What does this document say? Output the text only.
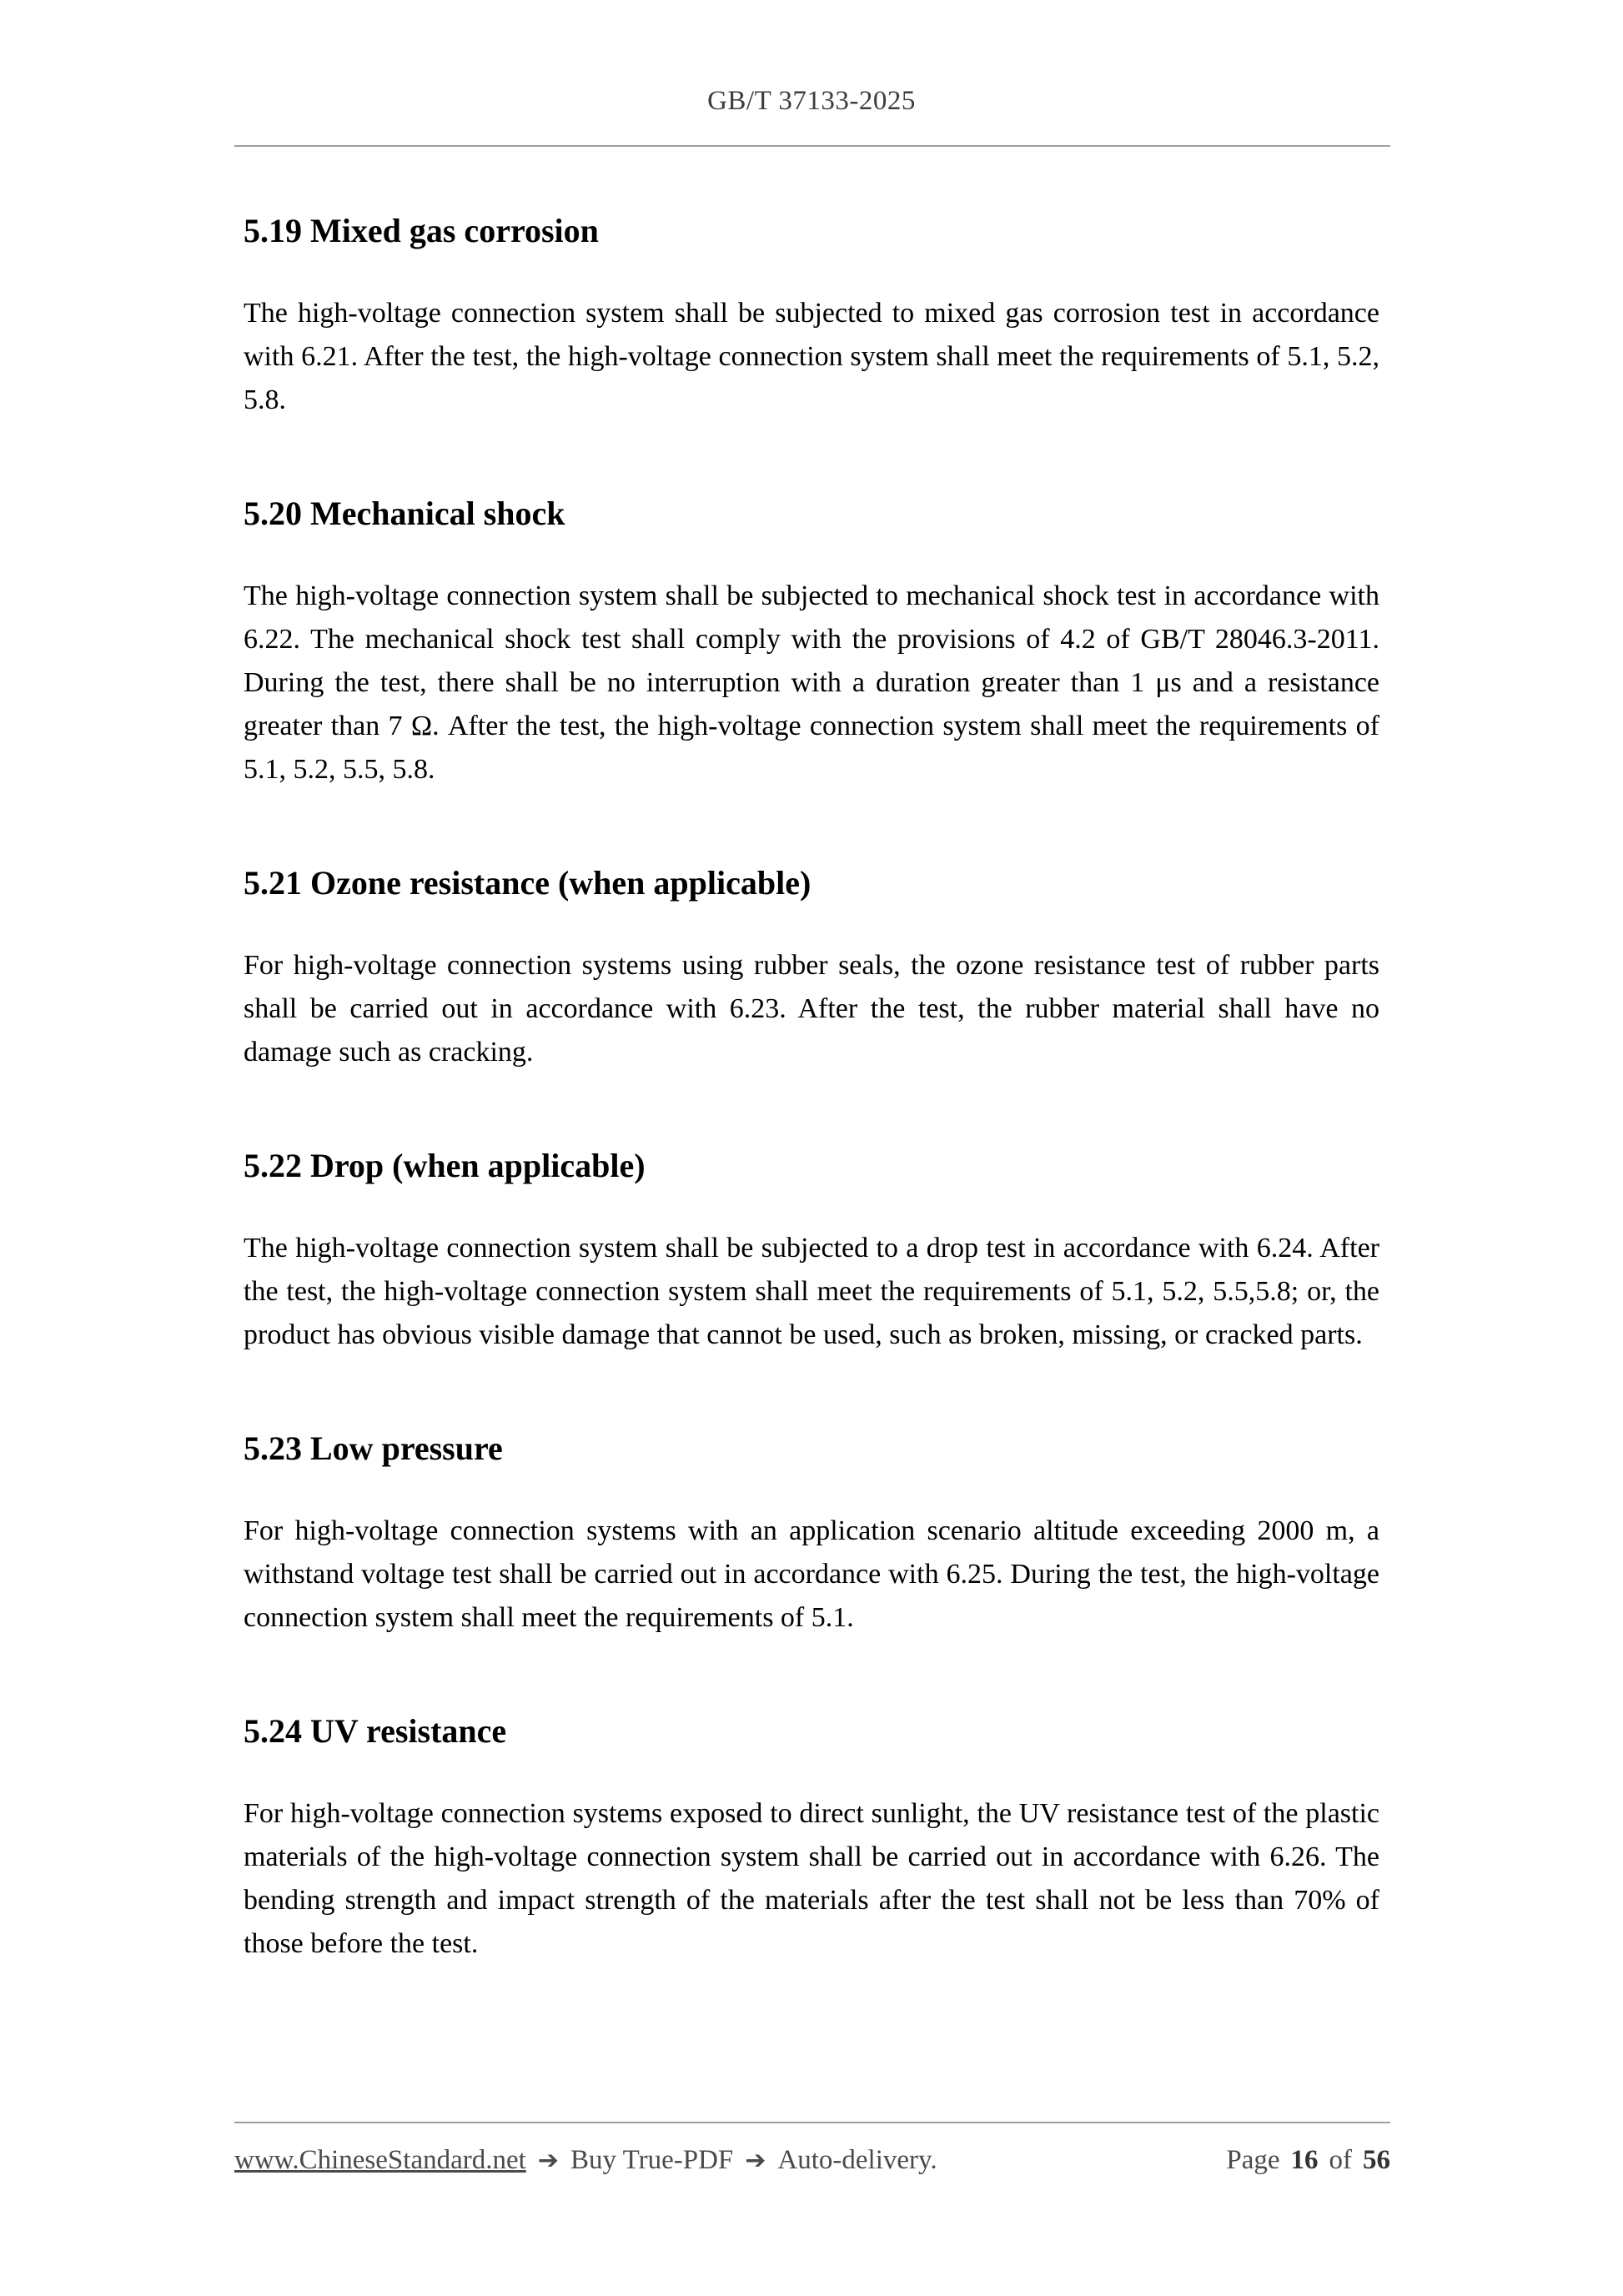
GB/T 37133-2025
5.19 Mixed gas corrosion

The high-voltage connection system shall be subjected to mixed gas corrosion test in accordance with 6.21. After the test, the high-voltage connection system shall meet the requirements of 5.1, 5.2, 5.8.

5.20 Mechanical shock

The high-voltage connection system shall be subjected to mechanical shock test in accordance with 6.22. The mechanical shock test shall comply with the provisions of 4.2 of GB/T 28046.3-2011. During the test, there shall be no interruption with a duration greater than 1 μs and a resistance greater than 7 Ω. After the test, the high-voltage connection system shall meet the requirements of 5.1, 5.2, 5.5, 5.8.

5.21 Ozone resistance (when applicable)

For high-voltage connection systems using rubber seals, the ozone resistance test of rubber parts shall be carried out in accordance with 6.23. After the test, the rubber material shall have no damage such as cracking.

5.22 Drop (when applicable)

The high-voltage connection system shall be subjected to a drop test in accordance with 6.24. After the test, the high-voltage connection system shall meet the requirements of 5.1, 5.2, 5.5,5.8; or, the product has obvious visible damage that cannot be used, such as broken, missing, or cracked parts.

5.23 Low pressure

For high-voltage connection systems with an application scenario altitude exceeding 2000 m, a withstand voltage test shall be carried out in accordance with 6.25. During the test, the high-voltage connection system shall meet the requirements of 5.1.

5.24 UV resistance

For high-voltage connection systems exposed to direct sunlight, the UV resistance test of the plastic materials of the high-voltage connection system shall be carried out in accordance with 6.26. The bending strength and impact strength of the materials after the test shall not be less than 70% of those before the test.

www.ChineseStandard.net ➔ Buy True-PDF ➔ Auto-delivery.	Page 16 of 56
